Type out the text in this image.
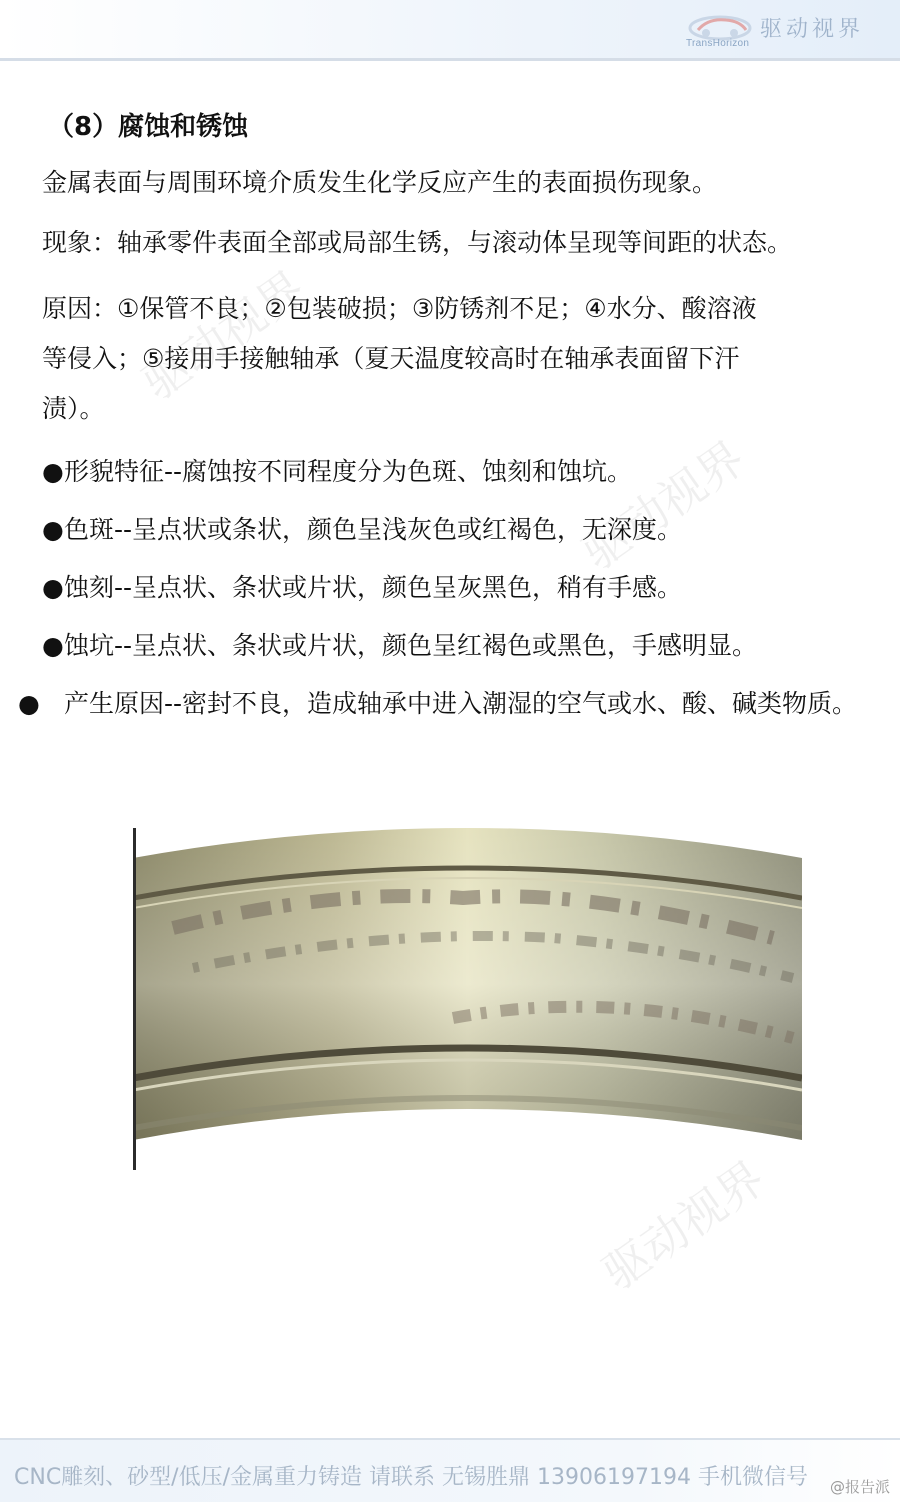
TransHorizon
驱动视界
（8）腐蚀和锈蚀
金属表面与周围环境介质发生化学反应产生的表面损伤现象。
现象：轴承零件表面全部或局部生锈，与滚动体呈现等间距的状态。
原因：①保管不良；②包装破损；③防锈剂不足；④水分、酸溶液
等侵入；⑤接用手接触轴承（夏天温度较高时在轴承表面留下汗
渍）。
●形貌特征--腐蚀按不同程度分为色斑、蚀刻和蚀坑。
●色斑--呈点状或条状，颜色呈浅灰色或红褐色，无深度。
●蚀刻--呈点状、条状或片状，颜色呈灰黑色，稍有手感。
●蚀坑--呈点状、条状或片状，颜色呈红褐色或黑色，手感明显。
● 产生原因--密封不良，造成轴承中进入潮湿的空气或水、酸、碱类物质。
驱动视界
驱动视界
驱动视界
CNC雕刻、砂型/低压/金属重力铸造 请联系 无锡胜鼎 13906197194 手机微信号 @报告派
